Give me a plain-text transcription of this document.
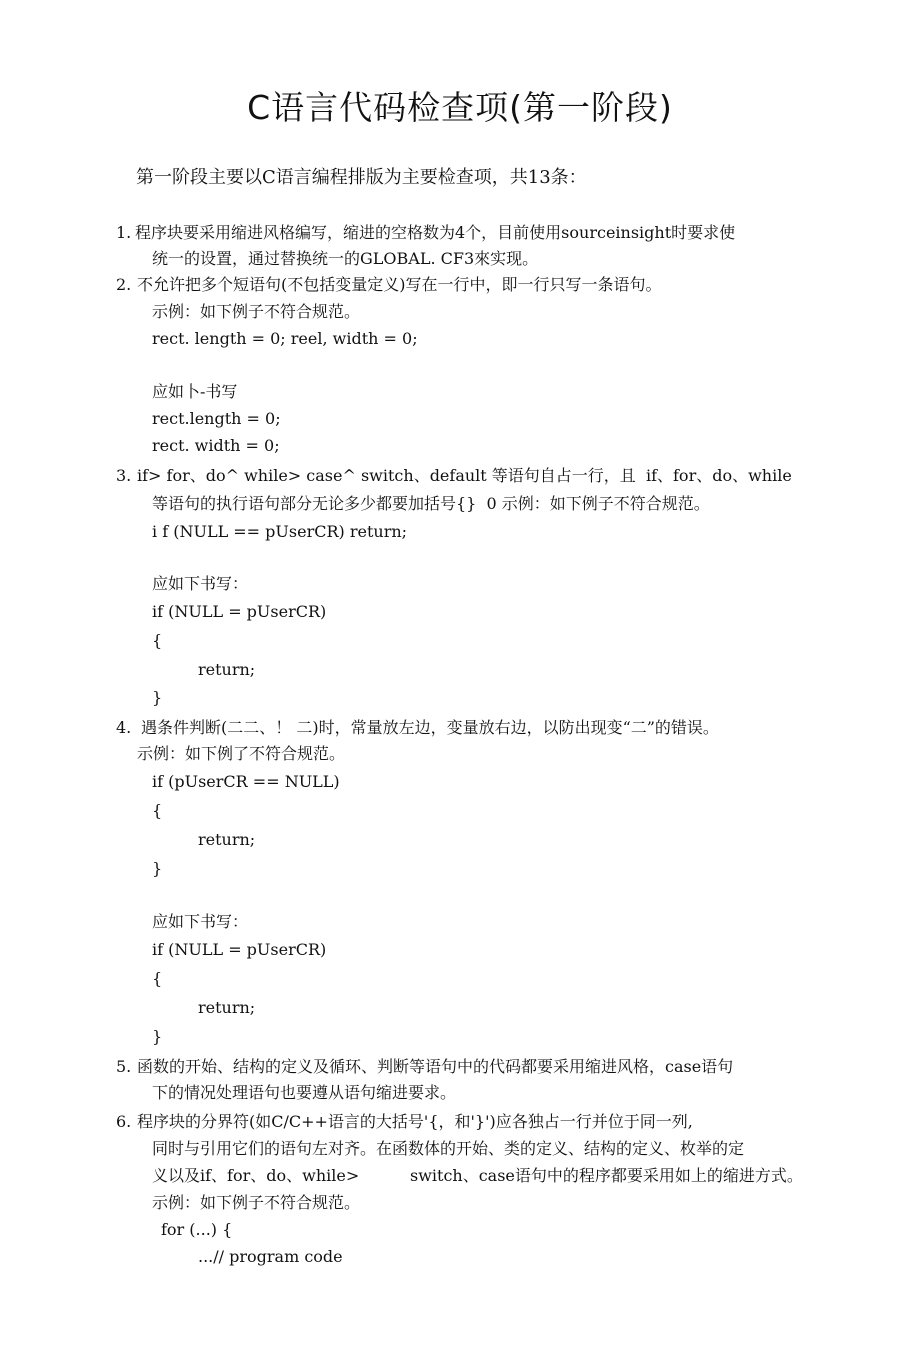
C语言代码检查项(第一阶段)
第一阶段主要以C语言编程排版为主要检查项，共13条：
1. 程序块要采用缩进风格编写，缩进的空格数为4个，目前使用sourceinsight时要求使
统一的设置，通过替换统一的GLOBAL. CF3來实现。
2. 不允许把多个短语句(不包括变量定义)写在一行中，即一行只写一条语句。
示例：如下例子不符合规范。
rect. length = 0; reel, width = 0;
应如卜-书写
rect.length = 0;
rect. width = 0;
3. if> for、do^ while> case^ switch、default 等语句自占一行，且  if、for、do、while
等语句的执行语句部分无论多少都要加括号{}  0 示例：如下例子不符合规范。
i f (NULL == pUserCR) return;
应如下书写：
if (NULL = pUserCR)
{
return;
}
4. 遇条件判断(二二、！ 二)时，常量放左边，变量放右边，以防出现变“二”的错误。
示例：如下例了不符合规范。
if (pUserCR == NULL)
{
return;
}
应如下书写：
if (NULL = pUserCR)
{
return;
}
5. 函数的开始、结构的定义及循环、判断等语句中的代码都要采用缩进风格，case语句
下的情况处理语句也要遵从语句缩进要求。
6. 程序块的分界符(如C/C++语言的大括号'{，和'}')应各独占一行并位于同一列,
同时与引用它们的语句左对齐。在函数体的开始、类的定义、结构的定义、枚举的定
义以及if、for、do、while>	switch、case语句中的程序都要采用如上的缩进方式。
示例：如下例子不符合规范。
for (...) {
...// program code
